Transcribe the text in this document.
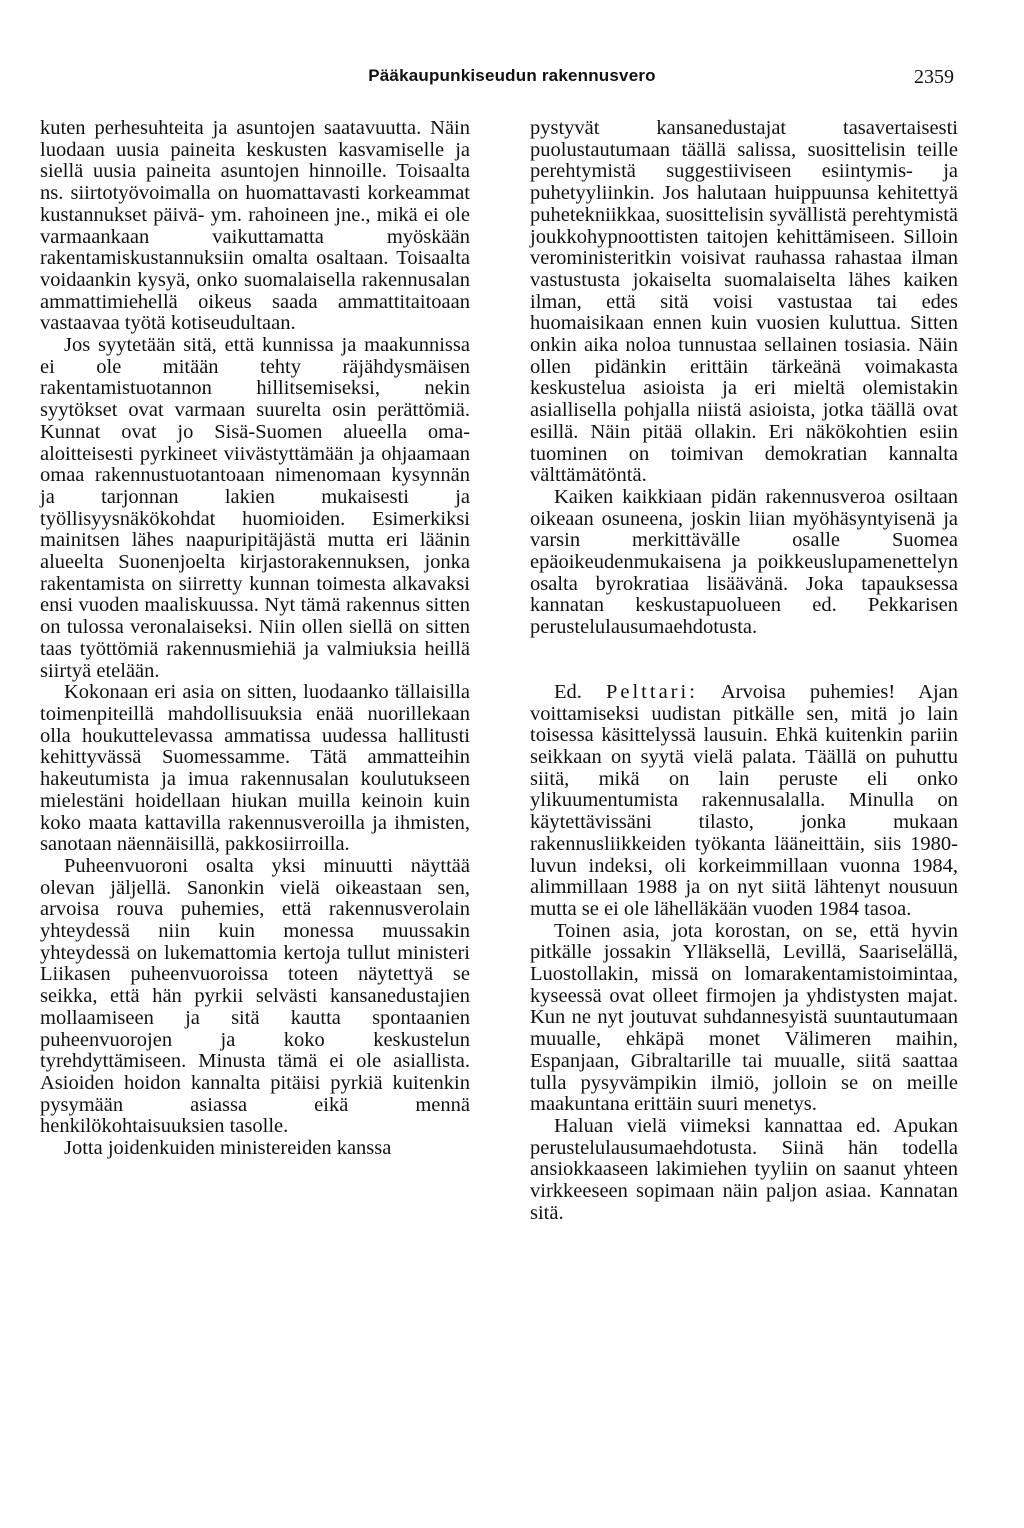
Pääkaupunkiseudun rakennusvero	2359

kuten perhesuhteita ja asuntojen saatavuutta. Näin luodaan uusia paineita keskusten kasvamiselle ja siellä uusia paineita asuntojen hinnoille. Toisaalta ns. siirtotyövoimalla on huomattavasti korkeammat kustannukset päivä- ym. rahoineen jne., mikä ei ole varmaankaan vaikuttamatta myöskään rakentamiskustannuksiin omalta osaltaan. Toisaalta voidaankin kysyä, onko suomalaisella rakennusalan ammattimiehellä oikeus saada ammattitaitoaan vastaavaa työtä kotiseudultaan.

Jos syytetään sitä, että kunnissa ja maakunnissa ei ole mitään tehty räjähdysmäisen rakentamistuotannon hillitsemiseksi, nekin syytökset ovat varmaan suurelta osin perättömiä. Kunnat ovat jo Sisä-Suomen alueella oma-aloitteisesti pyrkineet viivästyttämään ja ohjaamaan omaa rakennustuotantoaan nimenomaan kysynnän ja tarjonnan lakien mukaisesti ja työllisyysnäkökohdat huomioiden. Esimerkiksi mainitsen lähes naapuripitäjästä mutta eri läänin alueelta Suonenjoelta kirjastorakennuksen, jonka rakentamista on siirretty kunnan toimesta alkavaksi ensi vuoden maaliskuussa. Nyt tämä rakennus sitten on tulossa veronalaiseksi. Niin ollen siellä on sitten taas työttömiä rakennusmiehiä ja valmiuksia heillä siirtyä etelään.

Kokonaan eri asia on sitten, luodaanko tällaisilla toimenpiteillä mahdollisuuksia enää nuorillekaan olla houkuttelevassa ammatissa uudessa hallitusti kehittyvässä Suomessamme. Tätä ammatteihin hakeutumista ja imua rakennusalan koulutukseen mielestäni hoidellaan hiukan muilla keinoin kuin koko maata kattavilla rakennusveroilla ja ihmisten, sanotaan näennäisillä, pakkosiirroilla.

Puheenvuoroni osalta yksi minuutti näyttää olevan jäljellä. Sanonkin vielä oikeastaan sen, arvoisa rouva puhemies, että rakennusverolain yhteydessä niin kuin monessa muussakin yhteydessä on lukemattomia kertoja tullut ministeri Liikasen puheenvuoroissa toteen näytettyä se seikka, että hän pyrkii selvästi kansanedustajien mollaamiseen ja sitä kautta spontaanien puheenvuorojen ja koko keskustelun tyrehdyttämiseen. Minusta tämä ei ole asiallista. Asioiden hoidon kannalta pitäisi pyrkiä kuitenkin pysymään asiassa eikä mennä henkilökohtaisuuksien tasolle.

Jotta joidenkuiden ministereiden kanssa

pystyvät kansanedustajat tasavertaisesti puolustautumaan täällä salissa, suosittelisin teille perehtymistä suggestiiviseen esiintymis- ja puhetyyliinkin. Jos halutaan huippuunsa kehitettyä puhetekniikkaa, suosittelisin syvällistä perehtymistä joukkohypnoottisten taitojen kehittämiseen. Silloin veroministeritkin voisivat rauhassa rahastaa ilman vastustusta jokaiselta suomalaiselta lähes kaiken ilman, että sitä voisi vastustaa tai edes huomaisikaan ennen kuin vuosien kuluttua. Sitten onkin aika noloa tunnustaa sellainen tosiasia. Näin ollen pidänkin erittäin tärkeänä voimakasta keskustelua asioista ja eri mieltä olemistakin asiallisella pohjalla niistä asioista, jotka täällä ovat esillä. Näin pitää ollakin. Eri näkökohtien esiin tuominen on toimivan demokratian kannalta välttämätöntä.

Kaiken kaikkiaan pidän rakennusveroa osiltaan oikeaan osuneena, joskin liian myöhäsyntyisenä ja varsin merkittävälle osalle Suomea epäoikeudenmukaisena ja poikkeuslupamenettelyn osalta byrokratiaa lisäävänä. Joka tapauksessa kannatan keskustapuolueen ed. Pekkarisen perustelulausumaehdotusta.

Ed. Pelttari: Arvoisa puhemies! Ajan voittamiseksi uudistan pitkälle sen, mitä jo lain toisessa käsittelyssä lausuin. Ehkä kuitenkin pariin seikkaan on syytä vielä palata. Täällä on puhuttu siitä, mikä on lain peruste eli onko ylikuumentumista rakennusalalla. Minulla on käytettävissäni tilasto, jonka mukaan rakennusliikkeiden työkanta lääneittäin, siis 1980-luvun indeksi, oli korkeimmillaan vuonna 1984, alimmillaan 1988 ja on nyt siitä lähtenyt nousuun mutta se ei ole lähelläkään vuoden 1984 tasoa.

Toinen asia, jota korostan, on se, että hyvin pitkälle jossakin Ylläksellä, Levillä, Saariselällä, Luostollakin, missä on lomarakentamistoimintaa, kyseessä ovat olleet firmojen ja yhdistysten majat. Kun ne nyt joutuvat suhdannesyistä suuntautumaan muualle, ehkäpä monet Välimeren maihin, Espanjaan, Gibraltarille tai muualle, siitä saattaa tulla pysyvämpikin ilmiö, jolloin se on meille maakuntana erittäin suuri menetys.

Haluan vielä viimeksi kannattaa ed. Apukan perustelulausumaehdotusta. Siinä hän todella ansiokkaaseen lakimiehen tyyliin on saanut yhteen virkkeeseen sopimaan näin paljon asiaa. Kannatan sitä.
